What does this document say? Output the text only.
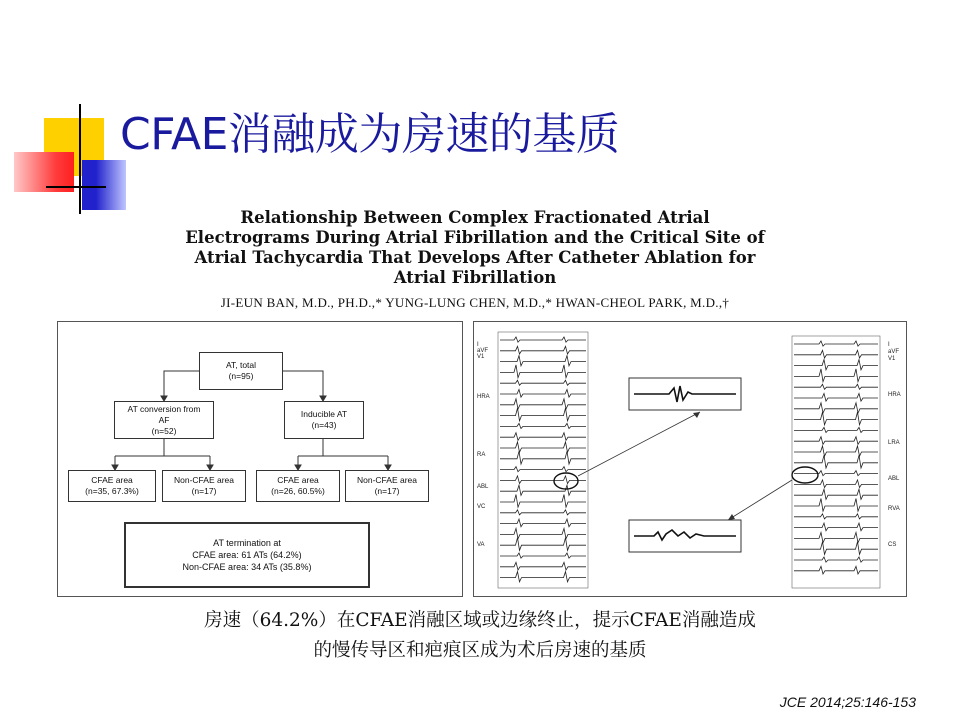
CFAE消融成为房速的基质
Relationship Between Complex Fractionated Atrial
Electrograms During Atrial Fibrillation and the Critical Site of
Atrial Tachycardia That Develops After Catheter Ablation for
Atrial Fibrillation
JI-EUN BAN, M.D., PH.D.,* YUNG-LUNG CHEN, M.D.,* HWAN-CHEOL PARK, M.D.,†
AT, total
(n=95)
AT conversion from
AF
(n=52)
Inducible AT
(n=43)
CFAE area
(n=35, 67.3%)
Non-CFAE area
(n=17)
CFAE area
(n=26, 60.5%)
Non-CFAE area
(n=17)
AT termination at
CFAE area: 61 ATs (64.2%)
Non-CFAE area: 34 ATs (35.8%)
I
aVF
V1
HRA
RA
ABL
VC
VA
I
aVF
V1
HRA
LRA
ABL
RVA
CS
房速（64.2%）在CFAE消融区域或边缘终止，提示CFAE消融造成
的慢传导区和疤痕区成为术后房速的基质
JCE 2014;25:146-153
